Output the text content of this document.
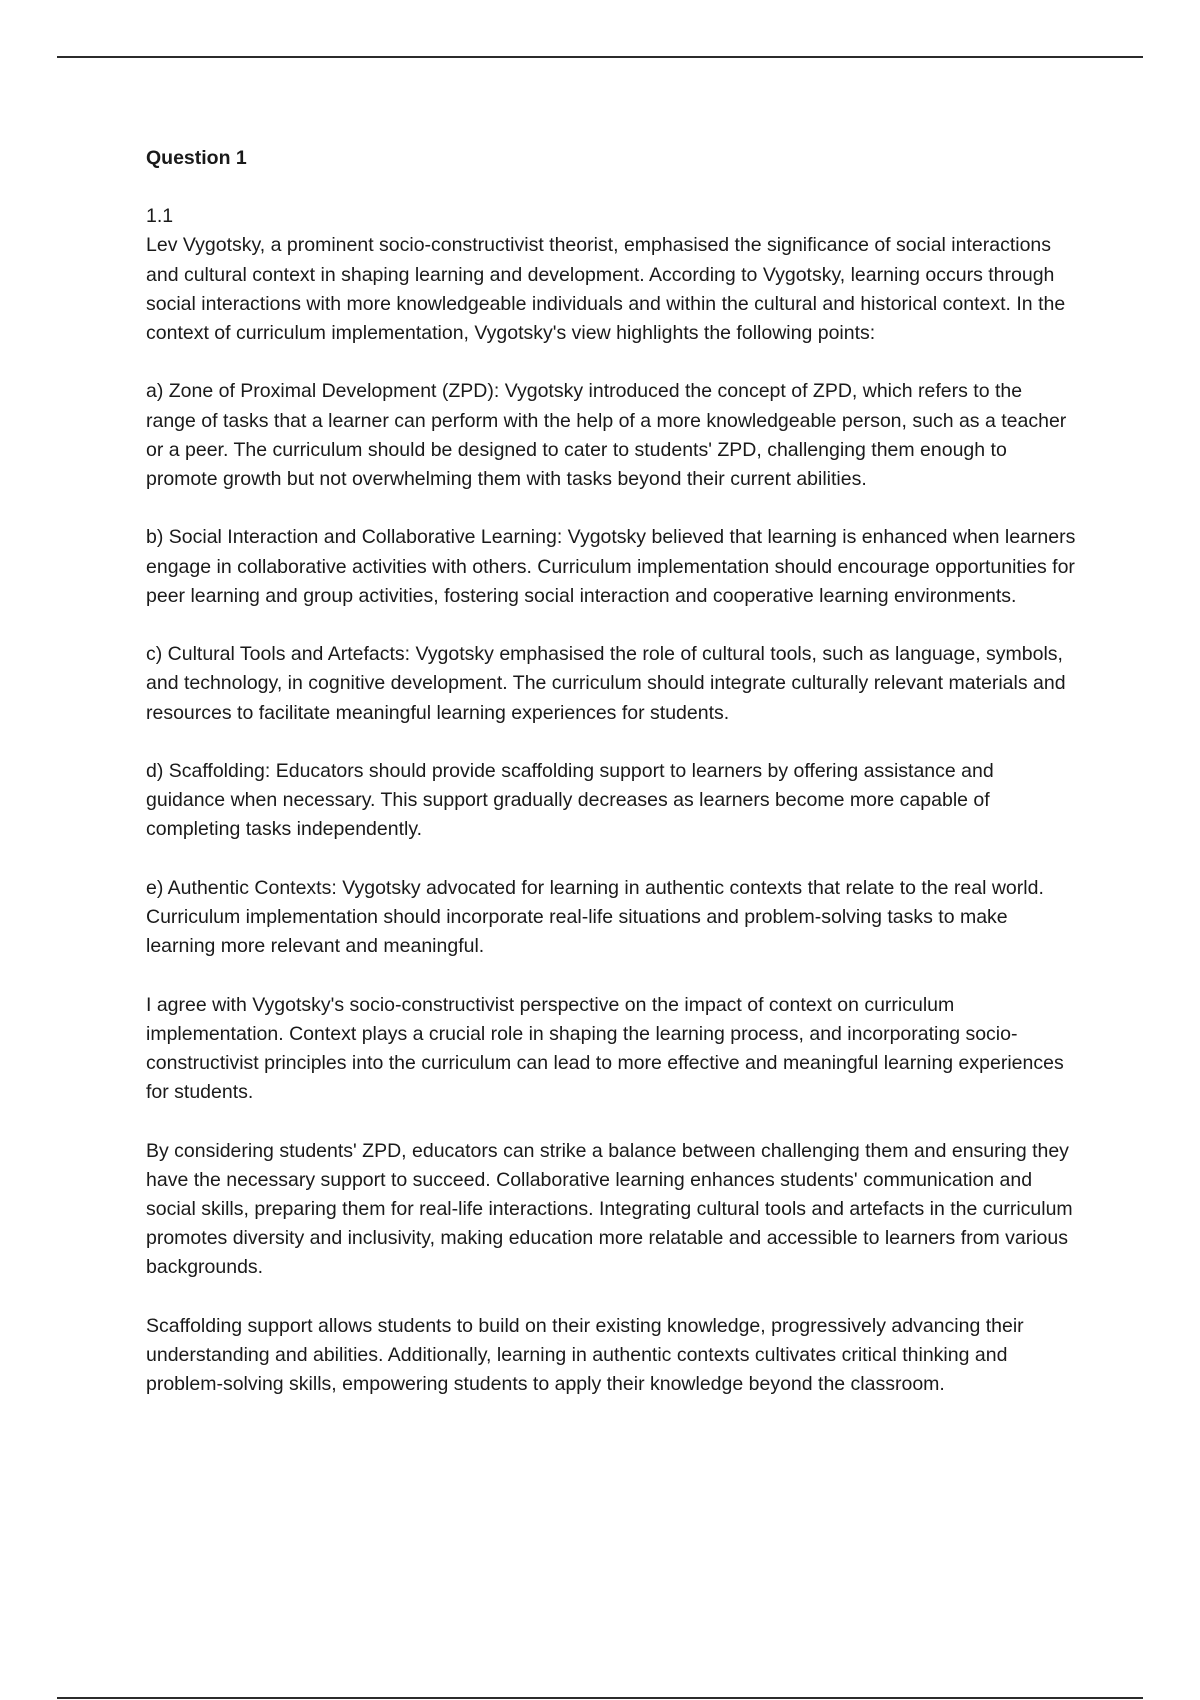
Question 1

1.1

Lev Vygotsky, a prominent socio-constructivist theorist, emphasised the significance of social interactions and cultural context in shaping learning and development. According to Vygotsky, learning occurs through social interactions with more knowledgeable individuals and within the cultural and historical context. In the context of curriculum implementation, Vygotsky's view highlights the following points:

a) Zone of Proximal Development (ZPD): Vygotsky introduced the concept of ZPD, which refers to the range of tasks that a learner can perform with the help of a more knowledgeable person, such as a teacher or a peer. The curriculum should be designed to cater to students' ZPD, challenging them enough to promote growth but not overwhelming them with tasks beyond their current abilities.

b) Social Interaction and Collaborative Learning: Vygotsky believed that learning is enhanced when learners engage in collaborative activities with others. Curriculum implementation should encourage opportunities for peer learning and group activities, fostering social interaction and cooperative learning environments.

c) Cultural Tools and Artefacts: Vygotsky emphasised the role of cultural tools, such as language, symbols, and technology, in cognitive development. The curriculum should integrate culturally relevant materials and resources to facilitate meaningful learning experiences for students.

d) Scaffolding: Educators should provide scaffolding support to learners by offering assistance and guidance when necessary. This support gradually decreases as learners become more capable of completing tasks independently.

e) Authentic Contexts: Vygotsky advocated for learning in authentic contexts that relate to the real world. Curriculum implementation should incorporate real-life situations and problem-solving tasks to make learning more relevant and meaningful.

I agree with Vygotsky's socio-constructivist perspective on the impact of context on curriculum implementation. Context plays a crucial role in shaping the learning process, and incorporating socio-constructivist principles into the curriculum can lead to more effective and meaningful learning experiences for students.

By considering students' ZPD, educators can strike a balance between challenging them and ensuring they have the necessary support to succeed. Collaborative learning enhances students' communication and social skills, preparing them for real-life interactions. Integrating cultural tools and artefacts in the curriculum promotes diversity and inclusivity, making education more relatable and accessible to learners from various backgrounds.

Scaffolding support allows students to build on their existing knowledge, progressively advancing their understanding and abilities. Additionally, learning in authentic contexts cultivates critical thinking and problem-solving skills, empowering students to apply their knowledge beyond the classroom.
